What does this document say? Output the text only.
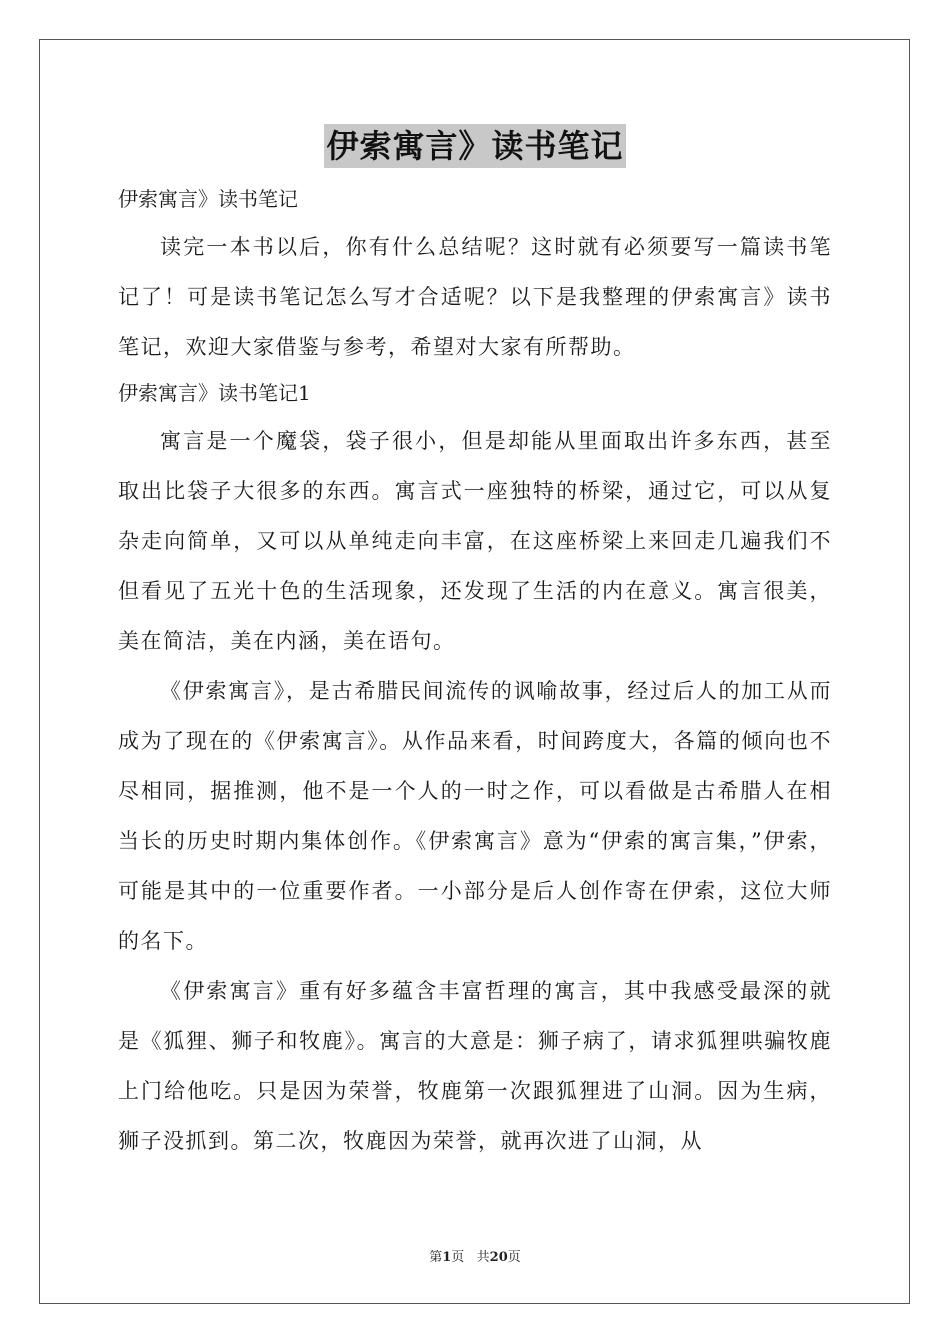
伊索寓言》读书笔记

伊索寓言》读书笔记

读完一本书以后，你有什么总结呢？这时就有必须要写一篇读书笔记了！可是读书笔记怎么写才合适呢？以下是我整理的伊索寓言》读书笔记，欢迎大家借鉴与参考，希望对大家有所帮助。

伊索寓言》读书笔记1

寓言是一个魔袋，袋子很小，但是却能从里面取出许多东西，甚至取出比袋子大很多的东西。寓言式一座独特的桥梁，通过它，可以从复杂走向简单，又可以从单纯走向丰富，在这座桥梁上来回走几遍我们不但看见了五光十色的生活现象，还发现了生活的内在意义。寓言很美，美在简洁，美在内涵，美在语句。

《伊索寓言》，是古希腊民间流传的讽喻故事，经过后人的加工从而成为了现在的《伊索寓言》。从作品来看，时间跨度大，各篇的倾向也不尽相同，据推测，他不是一个人的一时之作，可以看做是古希腊人在相当长的历史时期内集体创作。《伊索寓言》意为“伊索的寓言集，”伊索，可能是其中的一位重要作者。一小部分是后人创作寄在伊索，这位大师的名下。

《伊索寓言》重有好多蕴含丰富哲理的寓言，其中我感受最深的就是《狐狸、狮子和牧鹿》。寓言的大意是：狮子病了，请求狐狸哄骗牧鹿上门给他吃。只是因为荣誉，牧鹿第一次跟狐狸进了山洞。因为生病，狮子没抓到。第二次，牧鹿因为荣誉，就再次进了山洞，从

第1页   共20页
